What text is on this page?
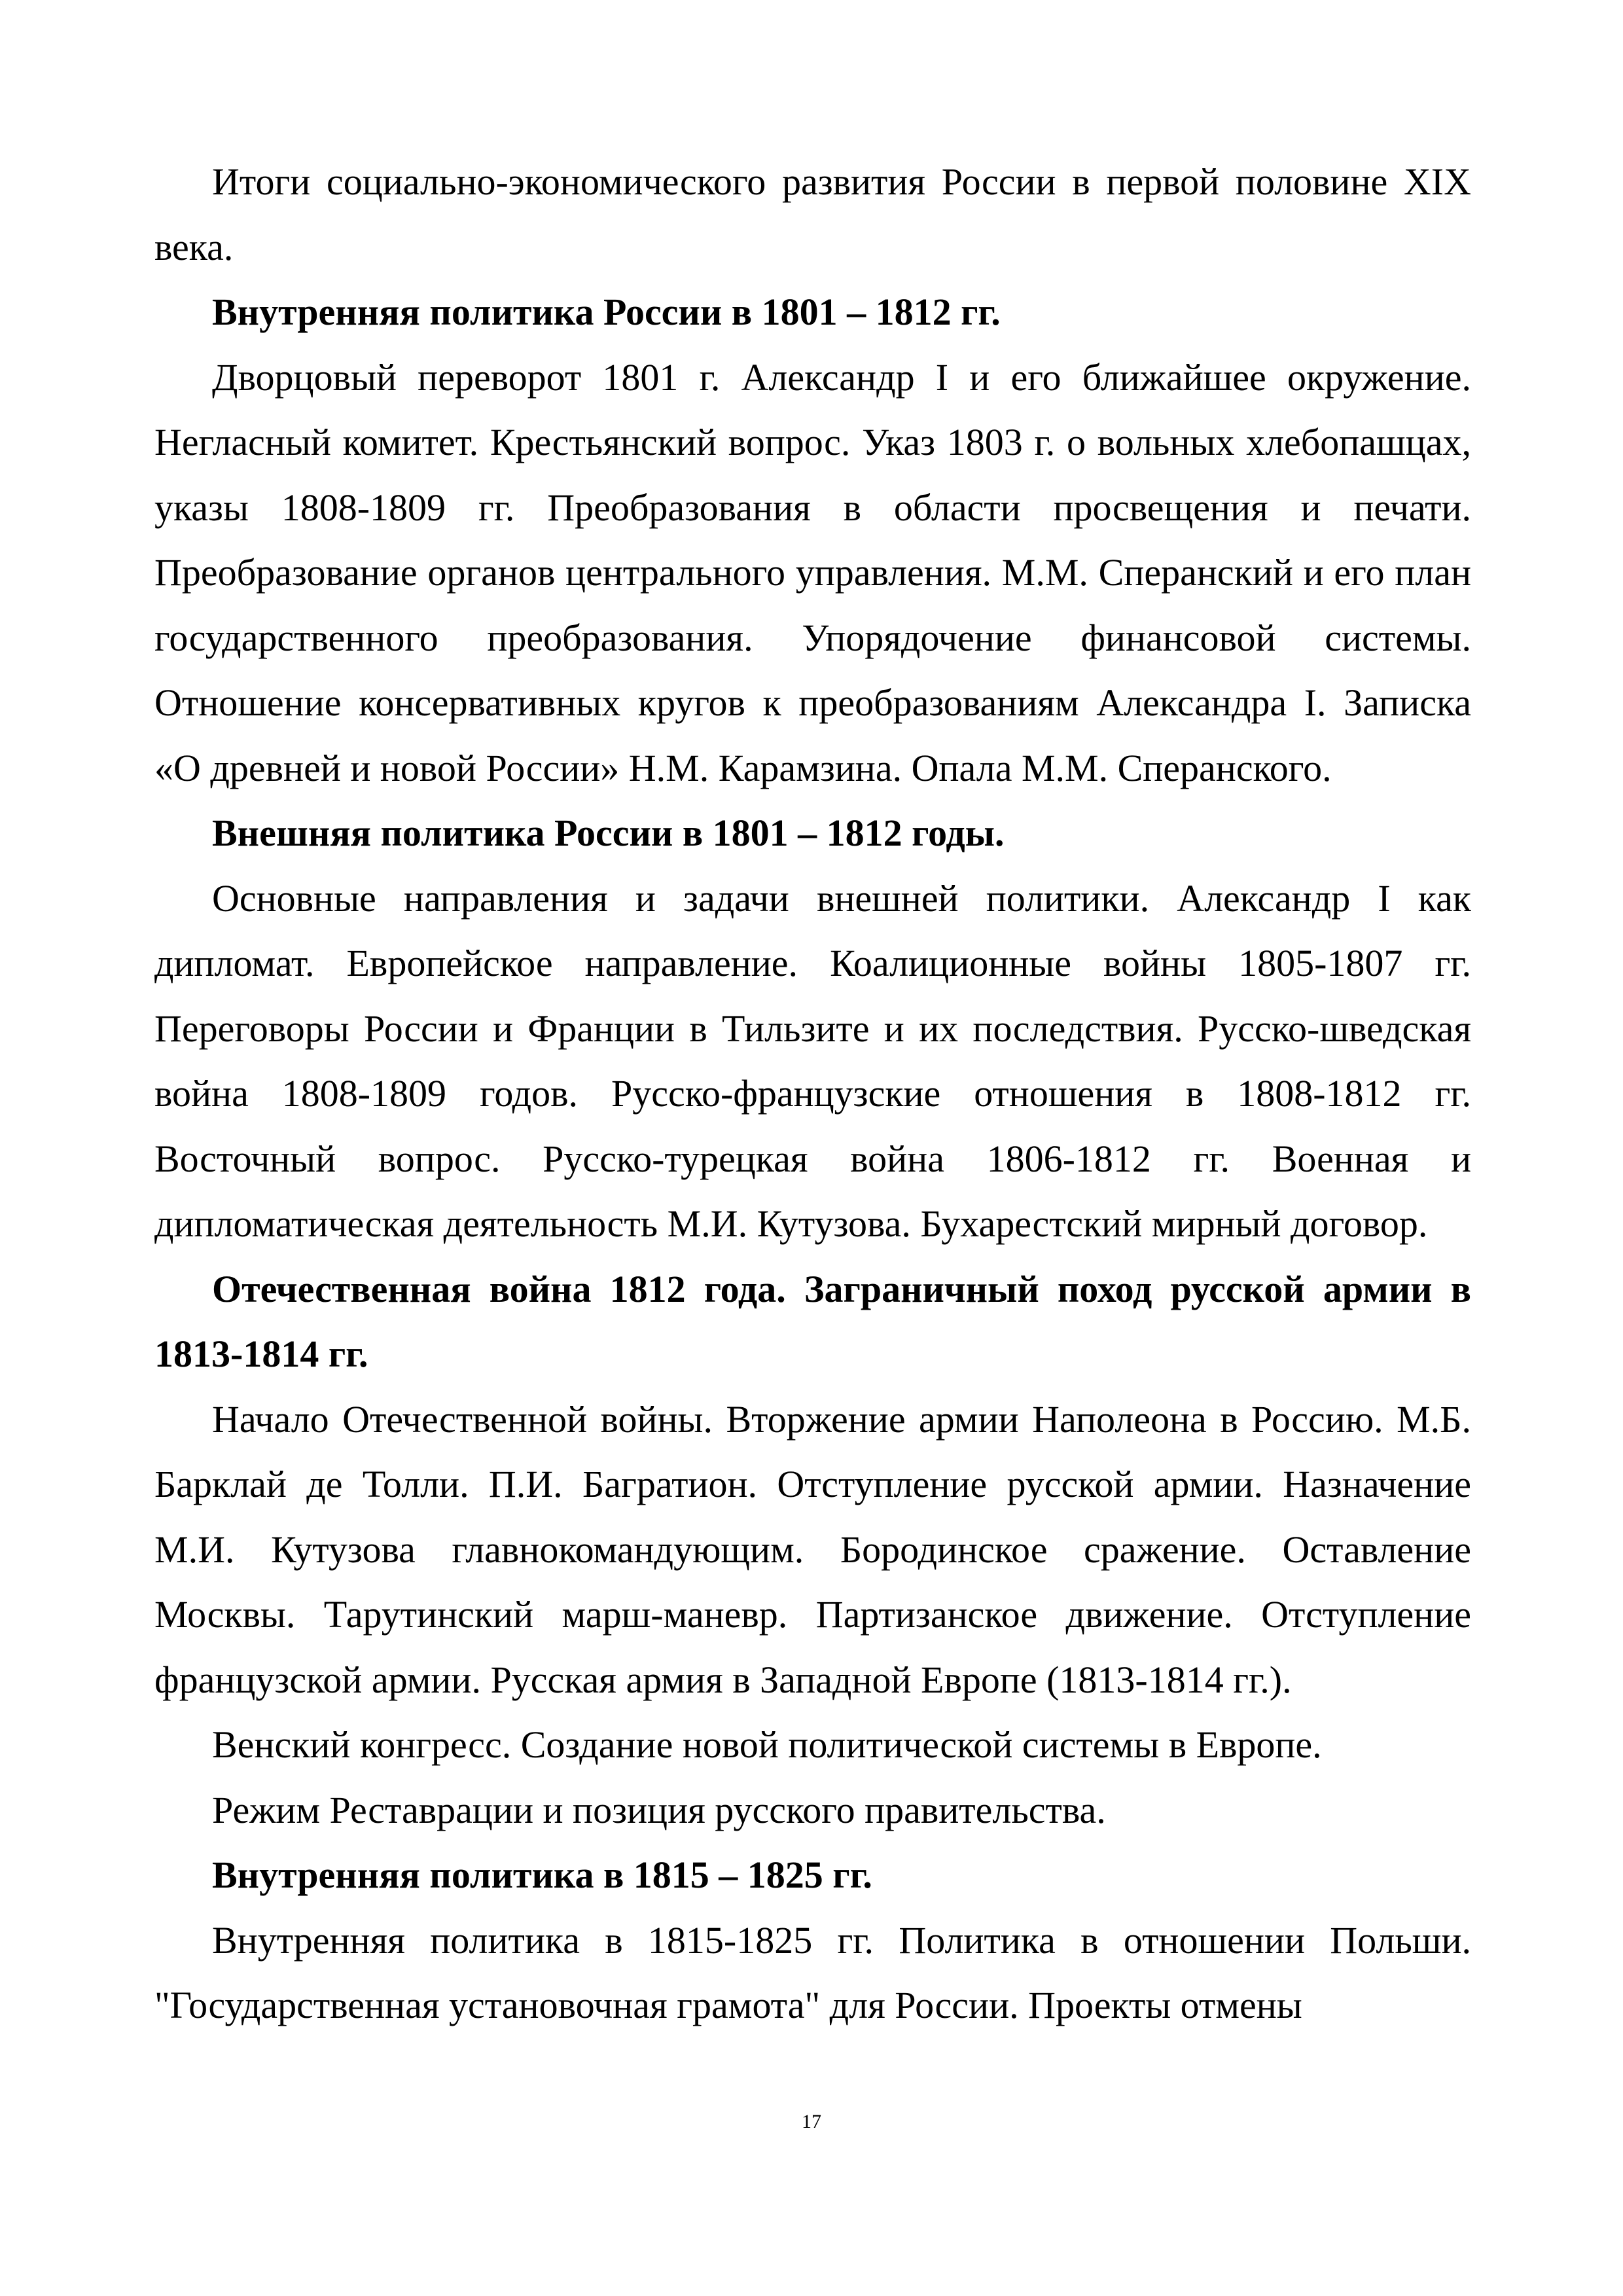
Итоги социально-экономического развития России в первой половине XIX века.

Внутренняя политика России в 1801 – 1812 гг.

Дворцовый переворот 1801 г. Александр I и его ближайшее окружение. Негласный комитет. Крестьянский вопрос. Указ 1803 г. о вольных хлебопашцах, указы 1808-1809 гг. Преобразования в области просвещения и печати. Преобразование органов центрального управления. М.М. Сперанский и его план государственного преобразования. Упорядочение финансовой системы. Отношение консервативных кругов к преобразованиям Александра I. Записка «О древней и новой России» Н.М. Карамзина. Опала М.М. Сперанского.

Внешняя политика России в 1801 – 1812 годы.

Основные направления и задачи внешней политики. Александр I как дипломат. Европейское направление. Коалиционные войны 1805-1807 гг. Переговоры России и Франции в Тильзите и их последствия. Русско-шведская война 1808-1809 годов. Русско-французские отношения в 1808-1812 гг. Восточный вопрос. Русско-турецкая война 1806-1812 гг. Военная и дипломатическая деятельность М.И. Кутузова. Бухарестский мирный договор.

Отечественная война 1812 года. Заграничный поход русской армии в 1813-1814 гг.

Начало Отечественной войны. Вторжение армии Наполеона в Россию. М.Б. Барклай де Толли. П.И. Багратион. Отступление русской армии. Назначение М.И. Кутузова главнокомандующим. Бородинское сражение. Оставление Москвы. Тарутинский марш-маневр. Партизанское движение. Отступление французской армии. Русская армия в Западной Европе (1813-1814 гг.).

Венский конгресс. Создание новой политической системы в Европе.

Режим Реставрации и позиция русского правительства.

Внутренняя политика в 1815 – 1825 гг.

Внутренняя политика в 1815-1825 гг. Политика в отношении Польши. "Государственная установочная грамота" для России. Проекты отмены

17
